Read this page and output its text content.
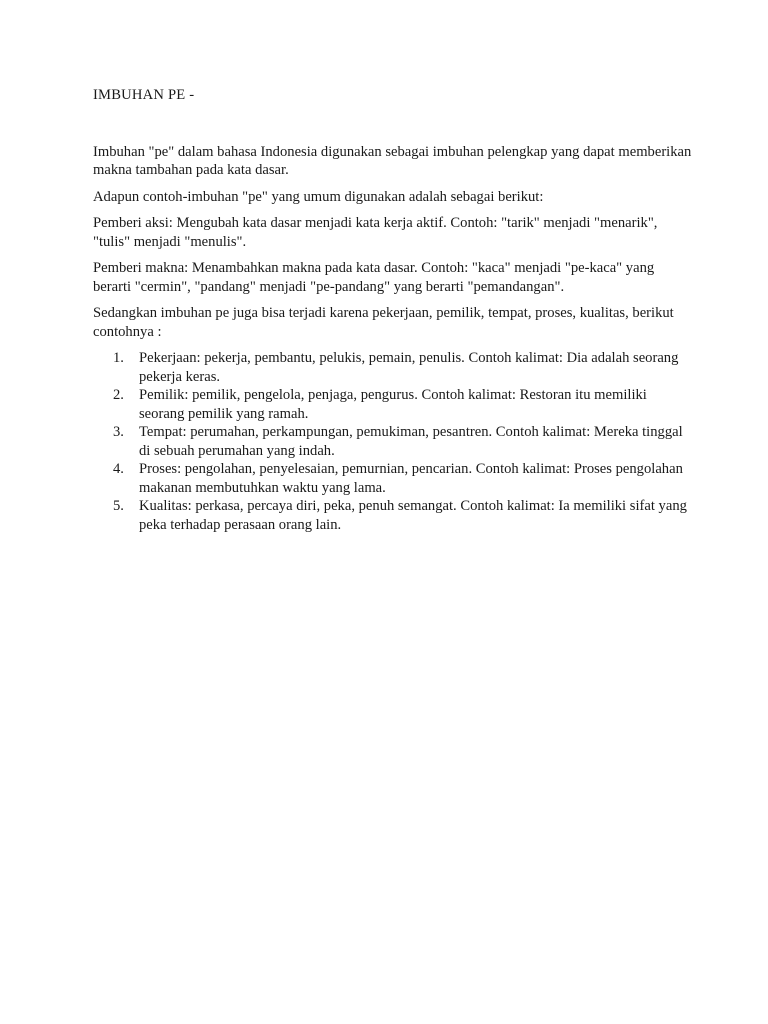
IMBUHAN PE -

Imbuhan "pe" dalam bahasa Indonesia digunakan sebagai imbuhan pelengkap yang dapat memberikan makna tambahan pada kata dasar.

Adapun contoh-imbuhan "pe" yang umum digunakan adalah sebagai berikut:

Pemberi aksi: Mengubah kata dasar menjadi kata kerja aktif. Contoh: "tarik" menjadi "menarik", "tulis" menjadi "menulis".

Pemberi makna: Menambahkan makna pada kata dasar. Contoh: "kaca" menjadi "pe-kaca" yang berarti "cermin", "pandang" menjadi "pe-pandang" yang berarti "pemandangan".

Sedangkan imbuhan pe juga bisa terjadi karena pekerjaan, pemilik, tempat, proses, kualitas, berikut contohnya :

1. Pekerjaan: pekerja, pembantu, pelukis, pemain, penulis. Contoh kalimat: Dia adalah seorang pekerja keras.
2. Pemilik: pemilik, pengelola, penjaga, pengurus. Contoh kalimat: Restoran itu memiliki seorang pemilik yang ramah.
3. Tempat: perumahan, perkampungan, pemukiman, pesantren. Contoh kalimat: Mereka tinggal di sebuah perumahan yang indah.
4. Proses: pengolahan, penyelesaian, pemurnian, pencarian. Contoh kalimat: Proses pengolahan makanan membutuhkan waktu yang lama.
5. Kualitas: perkasa, percaya diri, peka, penuh semangat. Contoh kalimat: Ia memiliki sifat yang peka terhadap perasaan orang lain.
